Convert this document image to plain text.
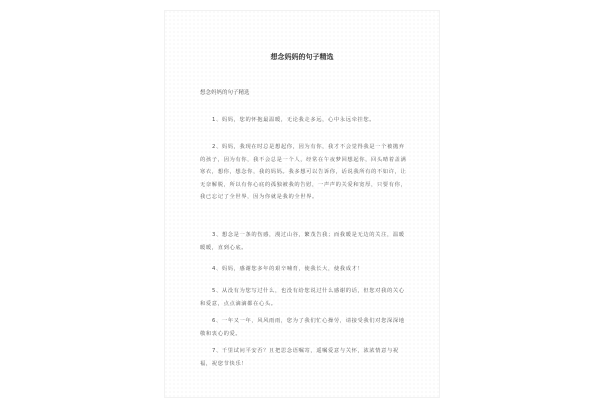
想念妈妈的句子精选
想念妈妈的句子精选
1、妈妈，您的怀抱最温暖，无论我走多远，心中永远牵挂您。
2、妈妈，我现在时总是想起你，因为有你，我才不会觉得我是一个被抛弃的孩子，因为有你，我不会总是一个人，经常在午夜梦回想起你，回头晴着盖满寒衣，想你，想念你，我的妈妈。我多想可以告诉你，话说我所有的不如许，让无奈解脱，所以有你心底的孤独被我的告慰，一声声的关爱和宽厚，只要有你，我已忘记了全世界，因为你就是我的全世界。
3、想念是一条的伤感，漫过山谷，繁茂告我；而我暖是无边的关注，温暖暖暖，直到心底。
4、妈妈，感谢您多年的艰辛哺育，使我长大，使我成才！
5、从没有为您写过什么，也没有给您说过什么感谢的话，但您对我的关心和爱意，点点滴滴都在心头。
6、一年又一年，风风雨雨，您为了我们忙心操劳，请接受我们对您深深地敬和衷心的爱。
7、千里试问平安否？且把思念语嘱寄，遥嘱爱意与关怀，浓浓情意与祝福，祝您节快乐！
